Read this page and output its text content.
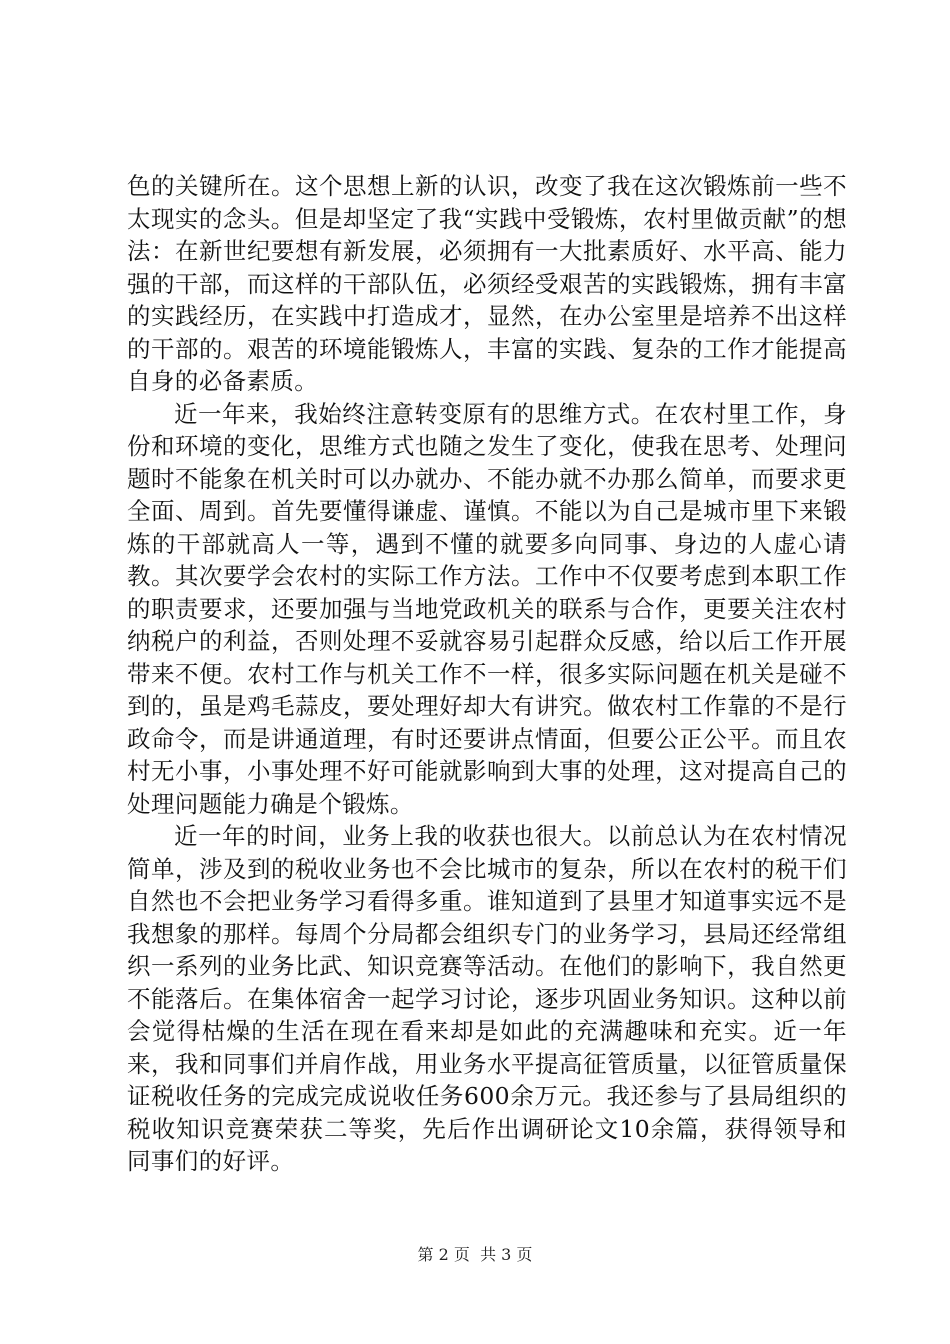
色的关键所在。这个思想上新的认识，改变了我在这次锻炼前一些不太现实的念头。但是却坚定了我“实践中受锻炼，农村里做贡献”的想法：在新世纪要想有新发展，必须拥有一大批素质好、水平高、能力强的干部，而这样的干部队伍，必须经受艰苦的实践锻炼，拥有丰富的实践经历，在实践中打造成才，显然，在办公室里是培养不出这样的干部的。艰苦的环境能锻炼人，丰富的实践、复杂的工作才能提高自身的必备素质。

近一年来，我始终注意转变原有的思维方式。在农村里工作，身份和环境的变化，思维方式也随之发生了变化，使我在思考、处理问题时不能象在机关时可以办就办、不能办就不办那么简单，而要求更全面、周到。首先要懂得谦虚、谨慎。不能以为自己是城市里下来锻炼的干部就高人一等，遇到不懂的就要多向同事、身边的人虚心请教。其次要学会农村的实际工作方法。工作中不仅要考虑到本职工作的职责要求，还要加强与当地党政机关的联系与合作，更要关注农村纳税户的利益，否则处理不妥就容易引起群众反感，给以后工作开展带来不便。农村工作与机关工作不一样，很多实际问题在机关是碰不到的，虽是鸡毛蒜皮，要处理好却大有讲究。做农村工作靠的不是行政命令，而是讲通道理，有时还要讲点情面，但要公正公平。而且农村无小事，小事处理不好可能就影响到大事的处理，这对提高自己的处理问题能力确是个锻炼。

近一年的时间，业务上我的收获也很大。以前总认为在农村情况简单，涉及到的税收业务也不会比城市的复杂，所以在农村的税干们自然也不会把业务学习看得多重。谁知道到了县里才知道事实远不是我想象的那样。每周个分局都会组织专门的业务学习，县局还经常组织一系列的业务比武、知识竞赛等活动。在他们的影响下，我自然更不能落后。在集体宿舍一起学习讨论，逐步巩固业务知识。这种以前会觉得枯燥的生活在现在看来却是如此的充满趣味和充实。近一年来，我和同事们并肩作战，用业务水平提高征管质量，以征管质量保证税收任务的完成完成说收任务600余万元。我还参与了县局组织的税收知识竞赛荣获二等奖，先后作出调研论文10余篇，获得领导和同事们的好评。

第 2 页  共 3 页
